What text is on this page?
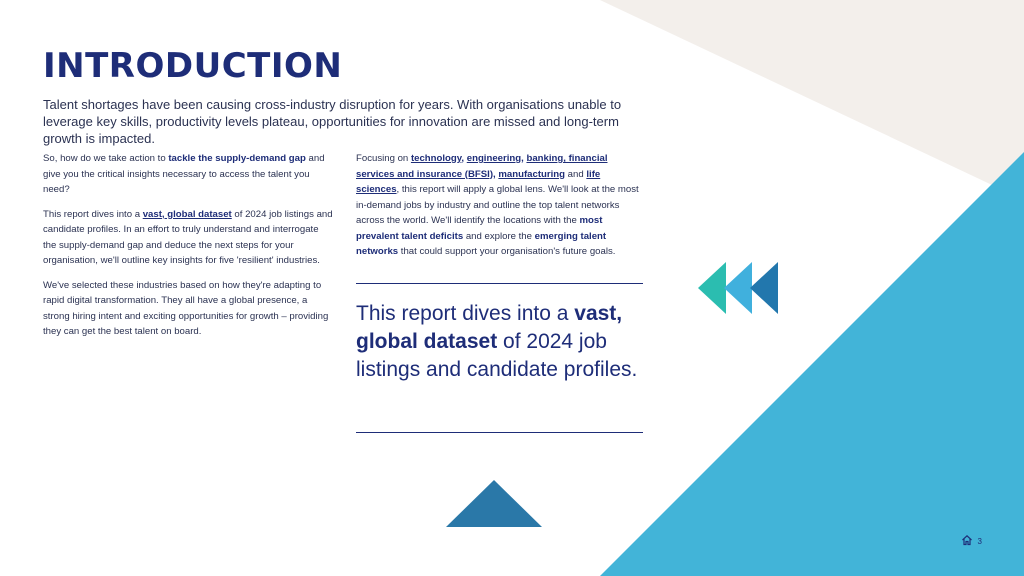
INTRODUCTION

Talent shortages have been causing cross-industry disruption for years. With organisations unable to leverage key skills, productivity levels plateau, opportunities for innovation are missed and long-term growth is impacted.

So, how do we take action to tackle the supply-demand gap and give you the critical insights necessary to access the talent you need?

This report dives into a vast, global dataset of 2024 job listings and candidate profiles. In an effort to truly understand and interrogate the supply-demand gap and deduce the next steps for your organisation, we'll outline key insights for five 'resilient' industries.

We've selected these industries based on how they're adapting to rapid digital transformation. They all have a global presence, a strong hiring intent and exciting opportunities for growth – providing they can get the best talent on board.

Focusing on technology, engineering, banking, financial services and insurance (BFSI), manufacturing and life sciences, this report will apply a global lens. We'll look at the most in-demand jobs by industry and outline the top talent networks across the world. We'll identify the locations with the most prevalent talent deficits and explore the emerging talent networks that could support your organisation's future goals.

This report dives into a vast, global dataset of 2024 job listings and candidate profiles.

3
